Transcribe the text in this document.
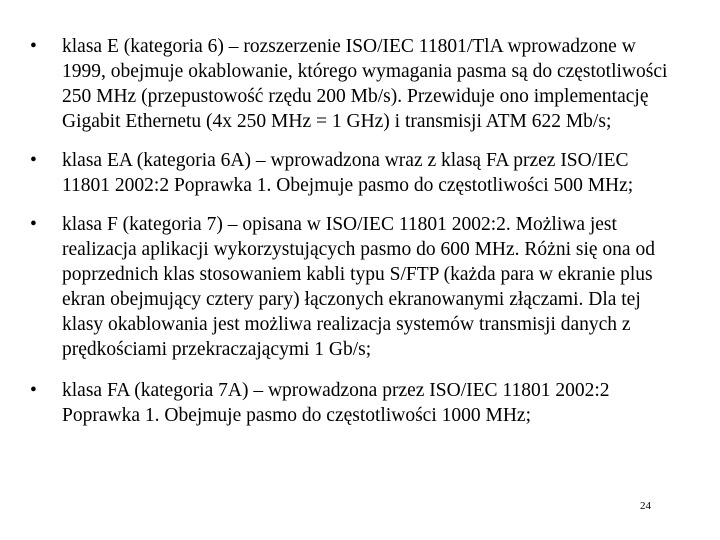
•	klasa E (kategoria 6) – rozszerzenie ISO/IEC 11801/TlA wprowadzone w 1999, obejmuje okablowanie, którego wymagania pasma są do częstotliwości 250 MHz (przepustowość rzędu 200 Mb/s). Przewiduje ono implementację Gigabit Ethernetu (4x 250 MHz = 1 GHz) i transmisji ATM 622 Mb/s;
•	klasa EA (kategoria 6A) – wprowadzona wraz z klasą FA przez ISO/IEC 11801 2002:2 Poprawka 1. Obejmuje pasmo do częstotliwości 500 MHz;
•	klasa F (kategoria 7) – opisana w ISO/IEC 11801 2002:2. Możliwa jest realizacja aplikacji wykorzystujących pasmo do 600 MHz. Różni się ona od poprzednich klas stosowaniem kabli typu S/FTP (każda para w ekranie plus ekran obejmujący cztery pary) łączonych ekranowanymi złączami. Dla tej klasy okablowania jest możliwa realizacja systemów transmisji danych z prędkościami przekraczającymi 1 Gb/s;
•	klasa FA (kategoria 7A) – wprowadzona przez ISO/IEC 11801 2002:2 Poprawka 1. Obejmuje pasmo do częstotliwości 1000 MHz;
24
